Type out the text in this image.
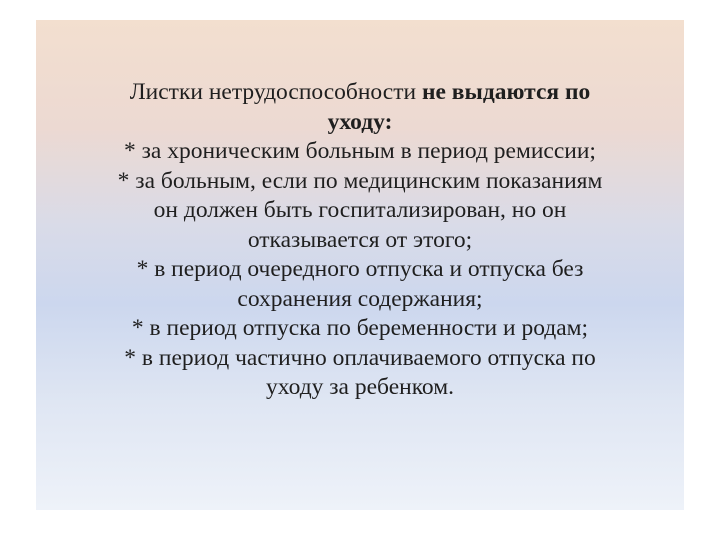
Листки нетрудоспособности не выдаются по
уходу:
* за хроническим больным в период ремиссии;
* за больным, если по медицинским показаниям
он должен быть госпитализирован, но он
отказывается от этого;
* в период очередного отпуска и отпуска без
сохранения содержания;
* в период отпуска по беременности и родам;
* в период частично оплачиваемого отпуска по
уходу за ребенком.
